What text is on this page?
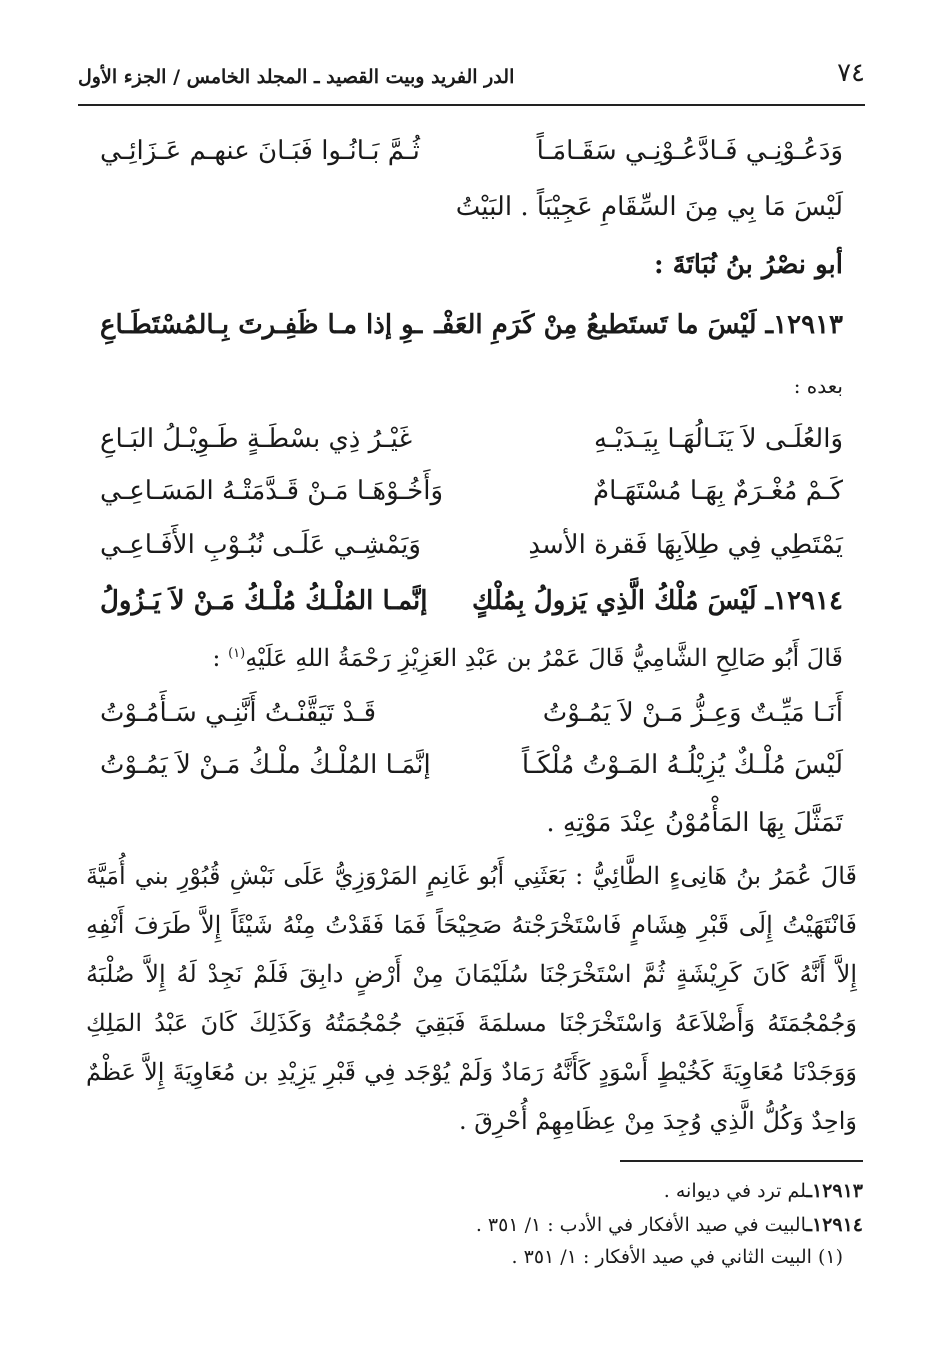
٧٤
الدر الفريد وبيت القصيد ـ المجلد الخامس / الجزء الأول
وَدَعُـوْنِـي فَـادَّعُـوْنِـي سَقَـامَـاً
ثُـمَّ بَـانُـوا فَبَـانَ عنهـم عَـزَائِـي
لَيْسَ مَا بِي مِنَ السِّقَامِ عَجِيْبَاً . البَيْتُ
أبو نصْرُ بنُ نُبَاتَةَ :
١٢٩١٣ـ لَيْسَ ما تَستَطيعُ مِنْ كَرَمِ العَفْـ
ـوِ إذا مـا ظَفِـرتَ بِـالمُسْتَطَـاعِ
بعده :
وَالعُلَـى لاَ يَنَـالُهَـا بِيَـدَيْـهِ
غَيْـرُ ذِي بسْطَـةٍ طَـوِيْـلُ البَـاعِ
كَـمْ مُغْـرَمٌ بِهَـا مُسْتَهَـامٌ
وَأَخُـوْهَـا مَـنْ قَـدَّمَتْـهُ المَسَـاعِـي
يَمْتَطِي فِي طِلاَبِهَا فَقرة الأسدِ
وَيَمْشِـي عَلَـى نُبُـوْبِ الأَفَـاعِـي
١٢٩١٤ـ لَيْسَ مُلْكُ الَّذِي يَزولُ بِمُلْكٍ
إنَّمـا المُلْـكُ مُلْـكُ مَـنْ لاَ يَـزُولُ
قَالَ أَبُو صَالِحِ الشَّامِيُّ قَالَ عَمْرُ بن عَبْدِ العَزِيْزِ رَحْمَةُ اللهِ عَلَيْهِ$^{(١)}$ :
أَنَـا مَيِّـتٌ وَعِـزُّ مَـنْ لاَ يَمُـوْتُ
قَـدْ تَيَقَّنْـتُ أَنَّنِـي سَـأَمُـوْتُ
لَيْسَ مُلْـكٌ يُزِيْلُـهُ المَـوْتُ مُلْكَـاً
إنَّمَـا المُلْـكُ ملْـكُ مَـنْ لاَ يَمُـوْتُ
تَمَثَّلَ بِهَا المَأْمُوْنُ عِنْدَ مَوْتِهِ .
قَالَ عُمَرُ بنُ هَانِىءٍ الطَّائِيُّ : بَعَثَنِي أَبُو غَانِمٍ المَرْوَزِيُّ عَلَى نَبْشِ قُبُوْرِ بني أُمَيَّةَ فَانْتَهَيْتُ إِلَى قَبْرِ هِشَامٍ فَاسْتَخْرَجْتهُ صَحِيْحَاً فَمَا فَقَدْتُ مِنْهُ شَيْئَاً إِلاَّ طَرَفَ أَنْفِهِ إِلاَّ أَنَّهُ كَانَ كَرِيْشَةٍ ثُمَّ اسْتَخْرَجْنَا سُلَيْمَانَ مِنْ أَرْضٍ دابِقَ فَلَمْ نَجِدْ لَهُ إِلاَّ صُلْبَهُ وَجُمْجُمَتَهُ وَأَضْلاَعَهُ وَاسْتَخْرَجْنَا مسلمَةَ فَبَقِيَ جُمْجُمَتُهُ وَكَذَلِكَ كَانَ عَبْدُ المَلِكِ وَوَجَدْنَا مُعَاوِيَةَ كَخُيْطٍ أَسْوَدٍ كَأَنَّهُ رَمَادٌ وَلَمْ يُوْجَد فِي قَبْرِ يَزِيْدِ بن مُعَاوِيَةَ إِلاَّ عَظْمٌ وَاحِدٌ وَكُلُّ الَّذِي وُجِدَ مِنْ عِظَامِهِمْ أُحْرِقَ .
١٢٩١٣ـلم ترد في ديوانه .
١٢٩١٤ـالبيت في صيد الأفكار في الأدب : ١/ ٣٥١ .
(١) البيت الثاني في صيد الأفكار : ١/ ٣٥١ .
